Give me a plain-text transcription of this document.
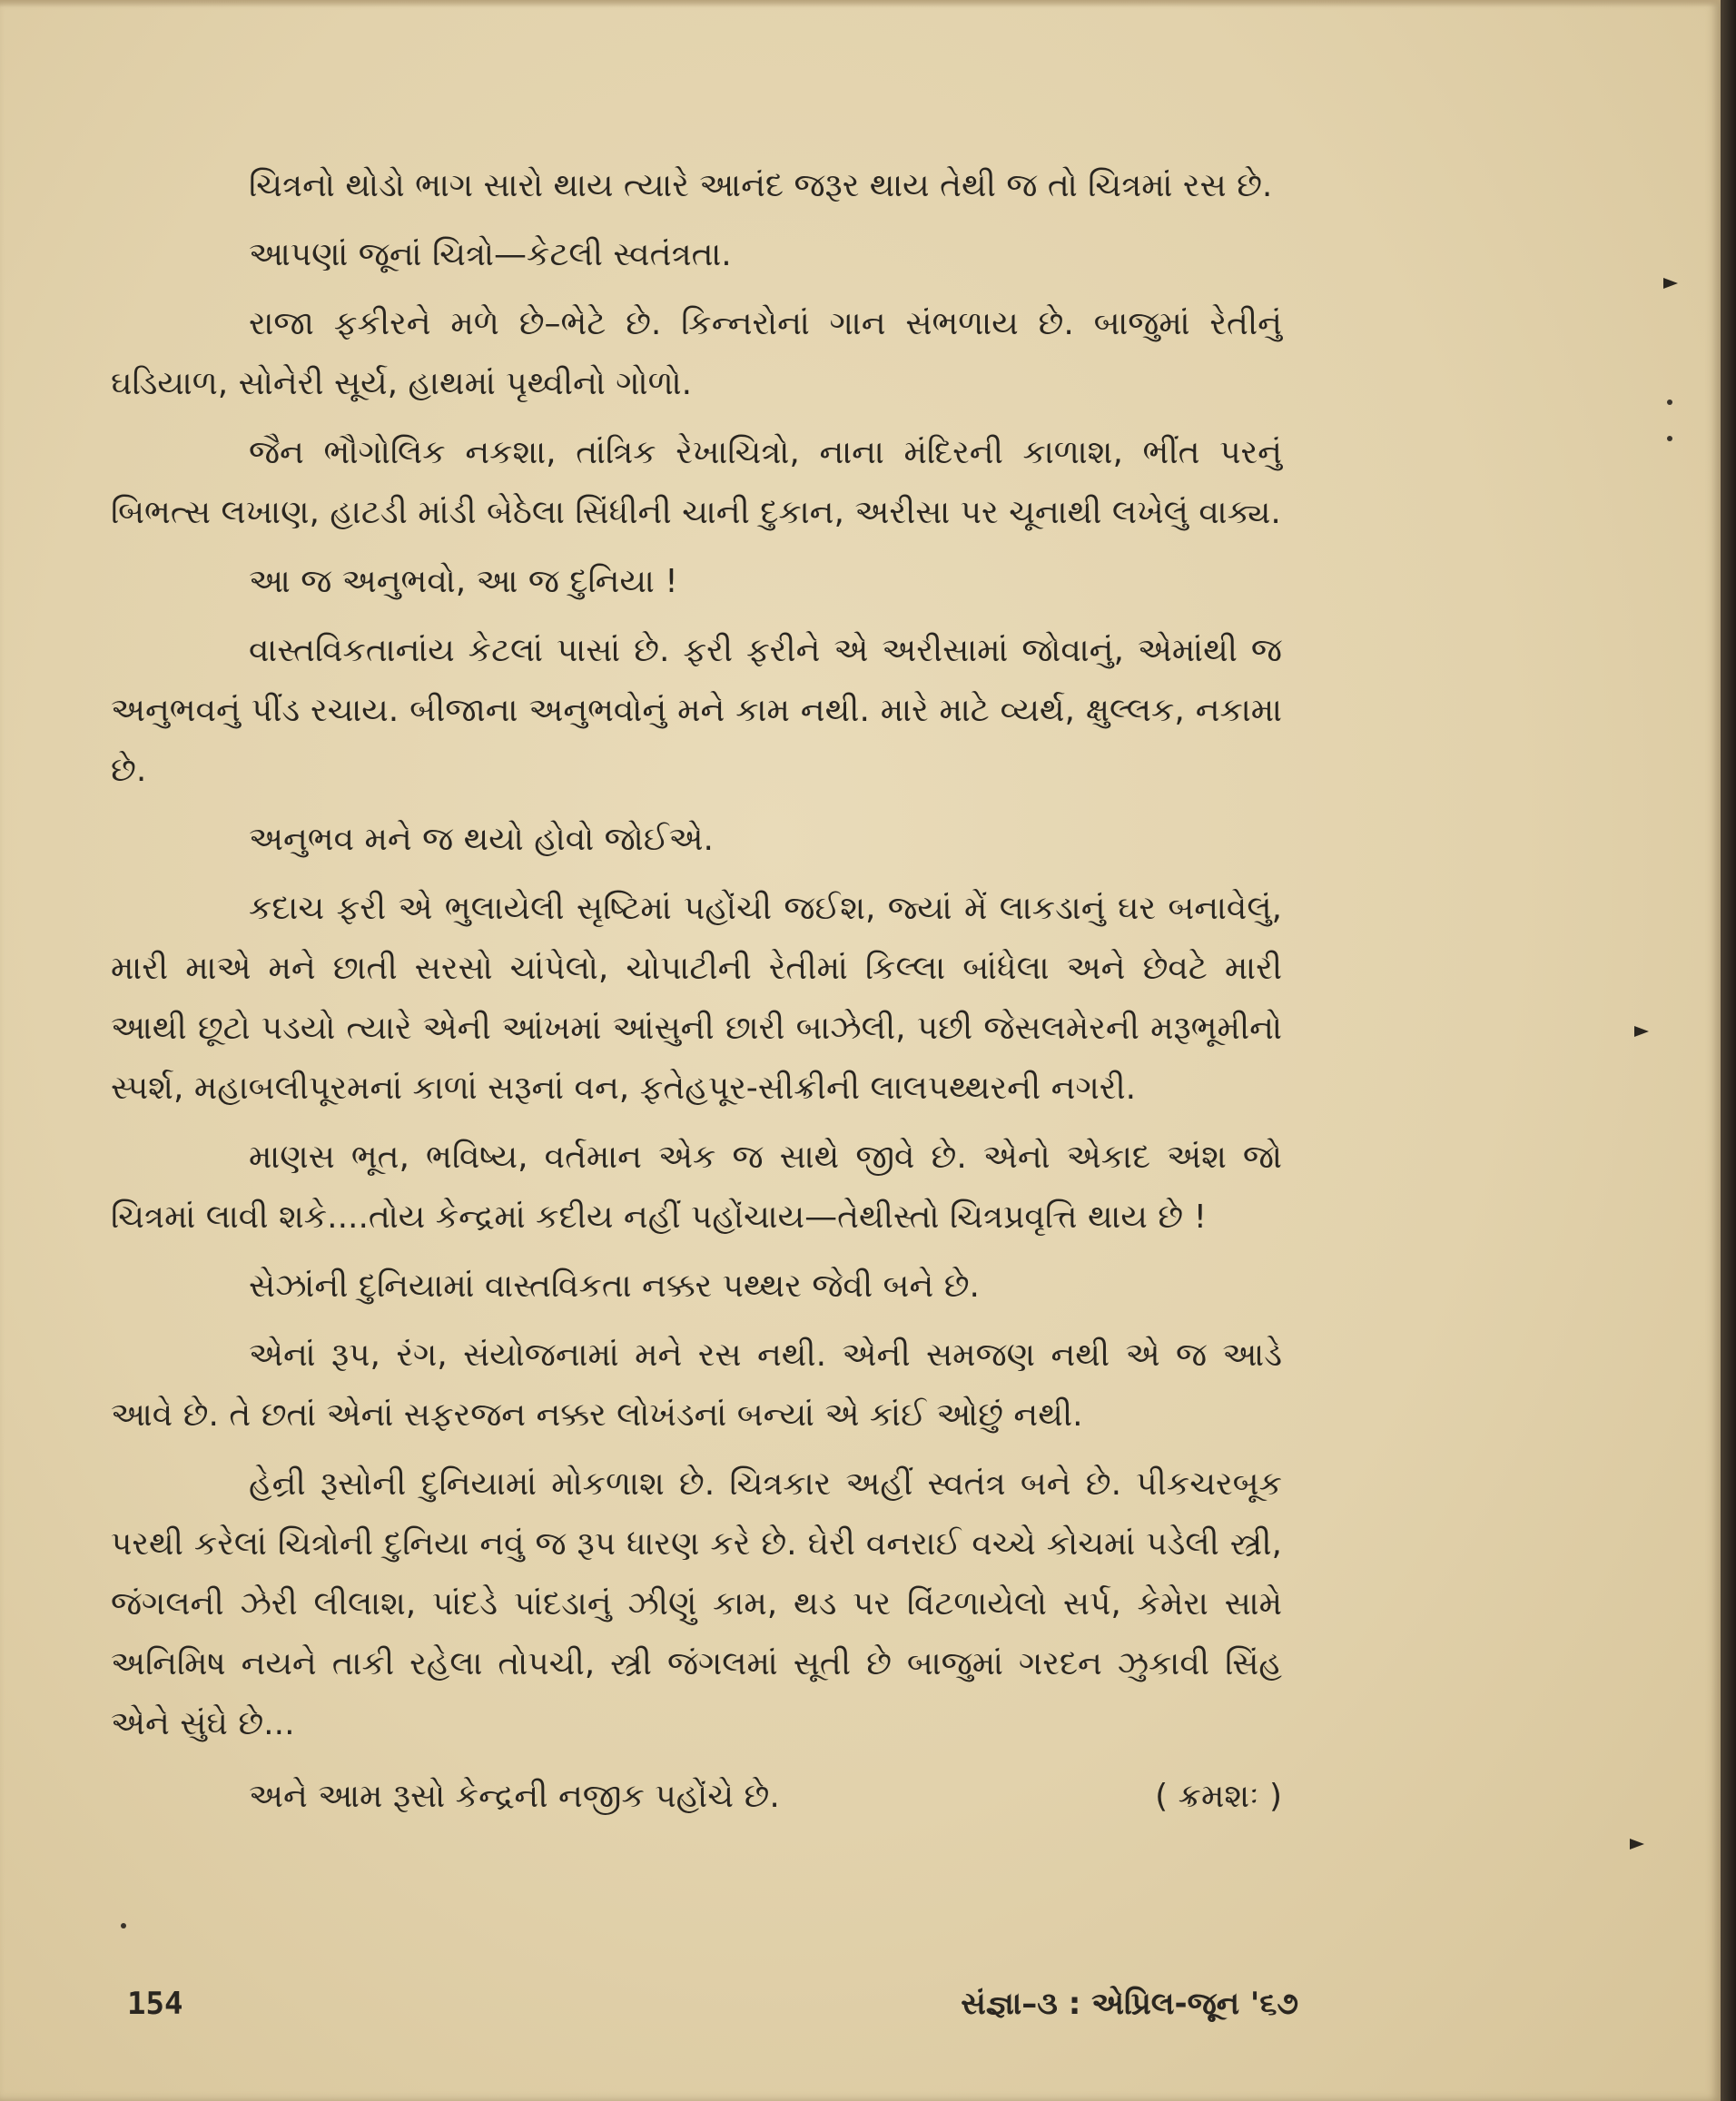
ચિત્રનો થોડો ભાગ સારો થાય ત્યારે આનંદ જરૂર થાય તેથી જ તો ચિત્રમાં રસ છે.

આપણાં જૂનાં ચિત્રો—કેટલી સ્વતંત્રતા.

રાજા ફકીરને મળે છે–ભેટે છે. કિન્નરોનાં ગાન સંભળાય છે. બાજુમાં રેતીનું ઘડિયાળ, સોનેરી સૂર્ય, હાથમાં પૃથ્વીનો ગોળો.

જૈન ભૌગોલિક નકશા, તાંત્રિક રેખાચિત્રો, નાના મંદિરની કાળાશ, ભીંત પરનું બિભત્સ લખાણ, હાટડી માંડી બેઠેલા સિંધીની ચાની દુકાન, અરીસા પર ચૂનાથી લખેલું વાક્ય.

આ જ અનુભવો, આ જ દુનિયા !

વાસ્તવિકતાનાંય કેટલાં પાસાં છે. ફરી ફરીને એ અરીસામાં જોવાનું, એમાંથી જ અનુભવનું પીંડ રચાય. બીજાના અનુભવોનું મને કામ નથી. મારે માટે વ્યર્થ, ક્ષુલ્લક, નકામા છે.

અનુભવ મને જ થયો હોવો જોઈએ.

કદાચ ફરી એ ભુલાયેલી સૃષ્ટિમાં પહોંચી જઈશ, જ્યાં મેં લાકડાનું ઘર બનાવેલું, મારી માએ મને છાતી સરસો ચાંપેલો, ચોપાટીની રેતીમાં કિલ્લા બાંધેલા અને છેવટે મારી આથી છૂટો પડયો ત્યારે એની આંખમાં આંસુની છારી બાઝેલી, પછી જેસલમેરની મરૂભૂમીનો સ્પર્શ, મહાબલીપૂરમનાં કાળાં સરૂનાં વન, ફતેહપૂર-સીક્રીની લાલપથ્થરની નગરી.

માણસ ભૂત, ભવિષ્ય, વર્તમાન એક જ સાથે જીવે છે. એનો એકાદ અંશ જો ચિત્રમાં લાવી શકે....તોય કેન્દ્રમાં કદીય નહીં પહોંચાય—તેથીસ્તો ચિત્રપ્રવૃત્તિ થાય છે !

સેઝાંની દુનિયામાં વાસ્તવિકતા નક્કર પથ્થર જેવી બને છે.

એનાં રૂપ, રંગ, સંયોજનામાં મને રસ નથી. એની સમજણ નથી એ જ આડે આવે છે. તે છતાં એનાં સફરજન નક્કર લોખંડનાં બન્યાં એ કાંઈ ઓછું નથી.

હેન્રી રૂસોની દુનિયામાં મોકળાશ છે. ચિત્રકાર અહીં સ્વતંત્ર બને છે. પીકચરબૂક પરથી કરેલાં ચિત્રોની દુનિયા નવું જ રૂપ ધારણ કરે છે. ઘેરી વનરાઈ વચ્ચે કોચમાં પડેલી સ્ત્રી, જંગલની ઝેરી લીલાશ, પાંદડે પાંદડાનું ઝીણું કામ, થડ પર વિંટળાયેલો સર્પ, કેમેરા સામે અનિમિષ નયને તાકી રહેલા તોપચી, સ્ત્રી જંગલમાં સૂતી છે બાજુમાં ગરદન ઝુકાવી સિંહ એને સુંઘે છે...

અને આમ રૂસો કેન્દ્રની નજીક પહોંચે છે.	( ક્રમશઃ )

154	સંજ્ઞા–૩ : એપ્રિલ-જૂન '૬૭
